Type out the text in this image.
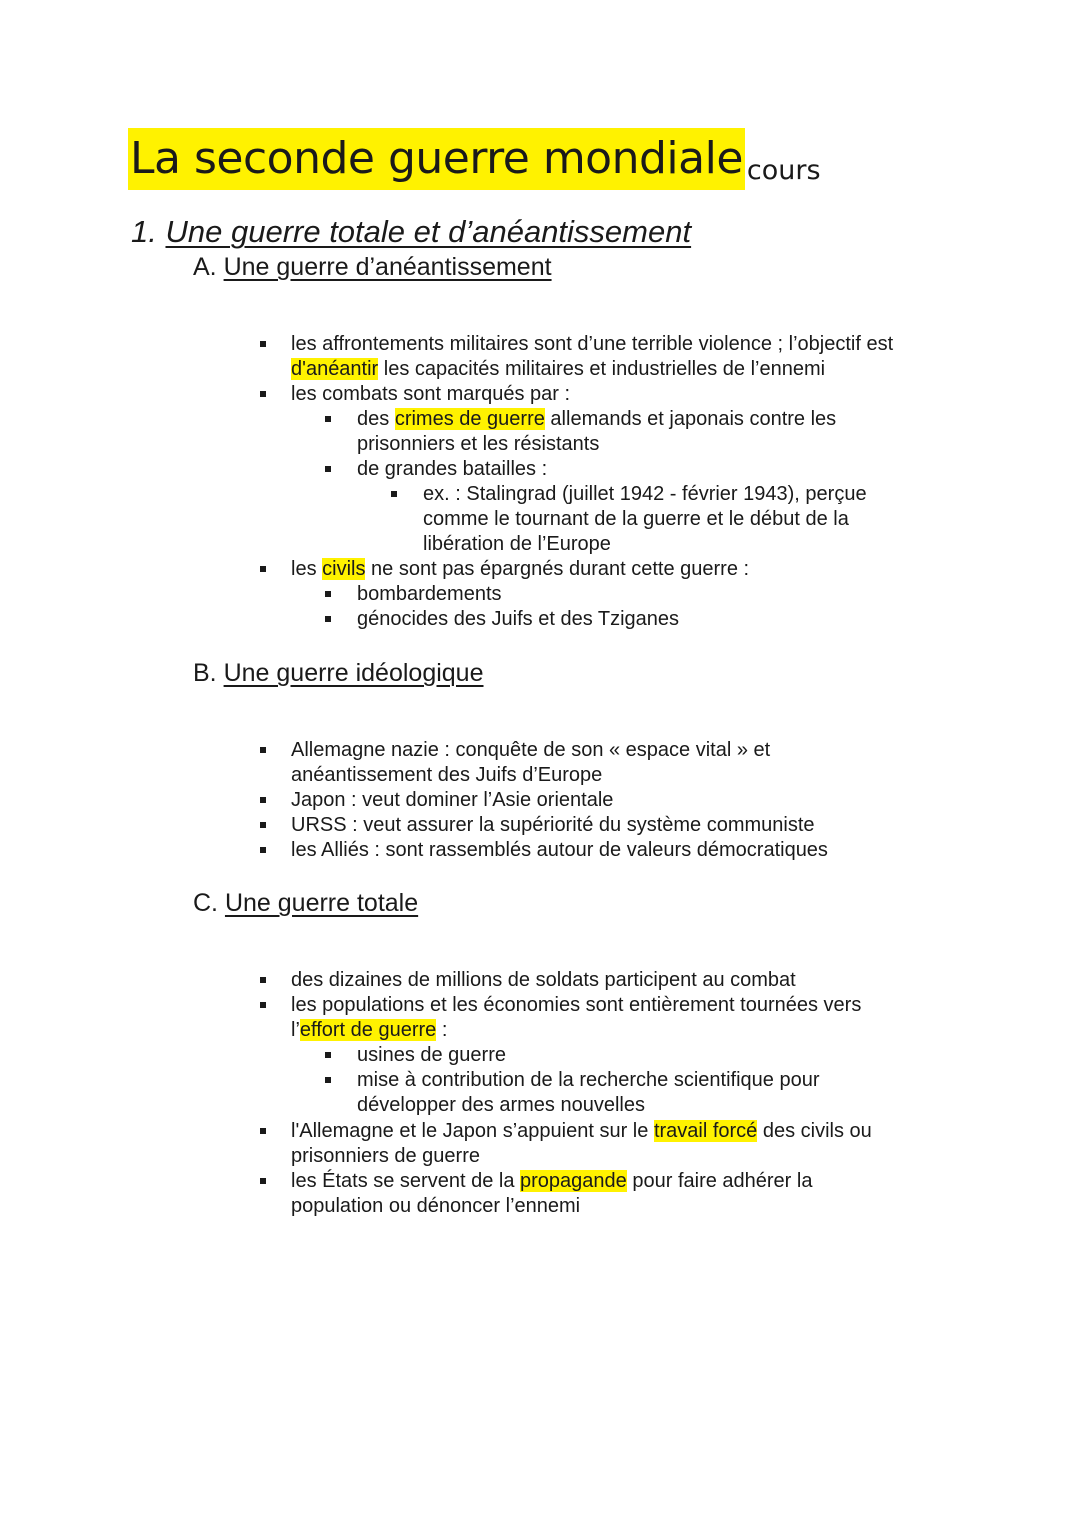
La seconde guerre mondiale cours
1. Une guerre totale et d’anéantissement
A. Une guerre d’anéantissement
les affrontements militaires sont d’une terrible violence ; l’objectif est
d'anéantir les capacités militaires et industrielles de l’ennemi
les combats sont marqués par :
des crimes de guerre allemands et japonais contre les
prisonniers et les résistants
de grandes batailles :
ex. : Stalingrad (juillet 1942 - février 1943), perçue
comme le tournant de la guerre et le début de la
libération de l’Europe
les civils ne sont pas épargnés durant cette guerre :
bombardements
génocides des Juifs et des Tziganes
B. Une guerre idéologique
Allemagne nazie : conquête de son « espace vital » et
anéantissement des Juifs d’Europe
Japon : veut dominer l’Asie orientale
URSS : veut assurer la supériorité du système communiste
les Alliés : sont rassemblés autour de valeurs démocratiques
C. Une guerre totale
des dizaines de millions de soldats participent au combat
les populations et les économies sont entièrement tournées vers
l’effort de guerre :
usines de guerre
mise à contribution de la recherche scientifique pour
développer des armes nouvelles
l'Allemagne et le Japon s’appuient sur le travail forcé des civils ou
prisonniers de guerre
les États se servent de la propagande pour faire adhérer la
population ou dénoncer l’ennemi
